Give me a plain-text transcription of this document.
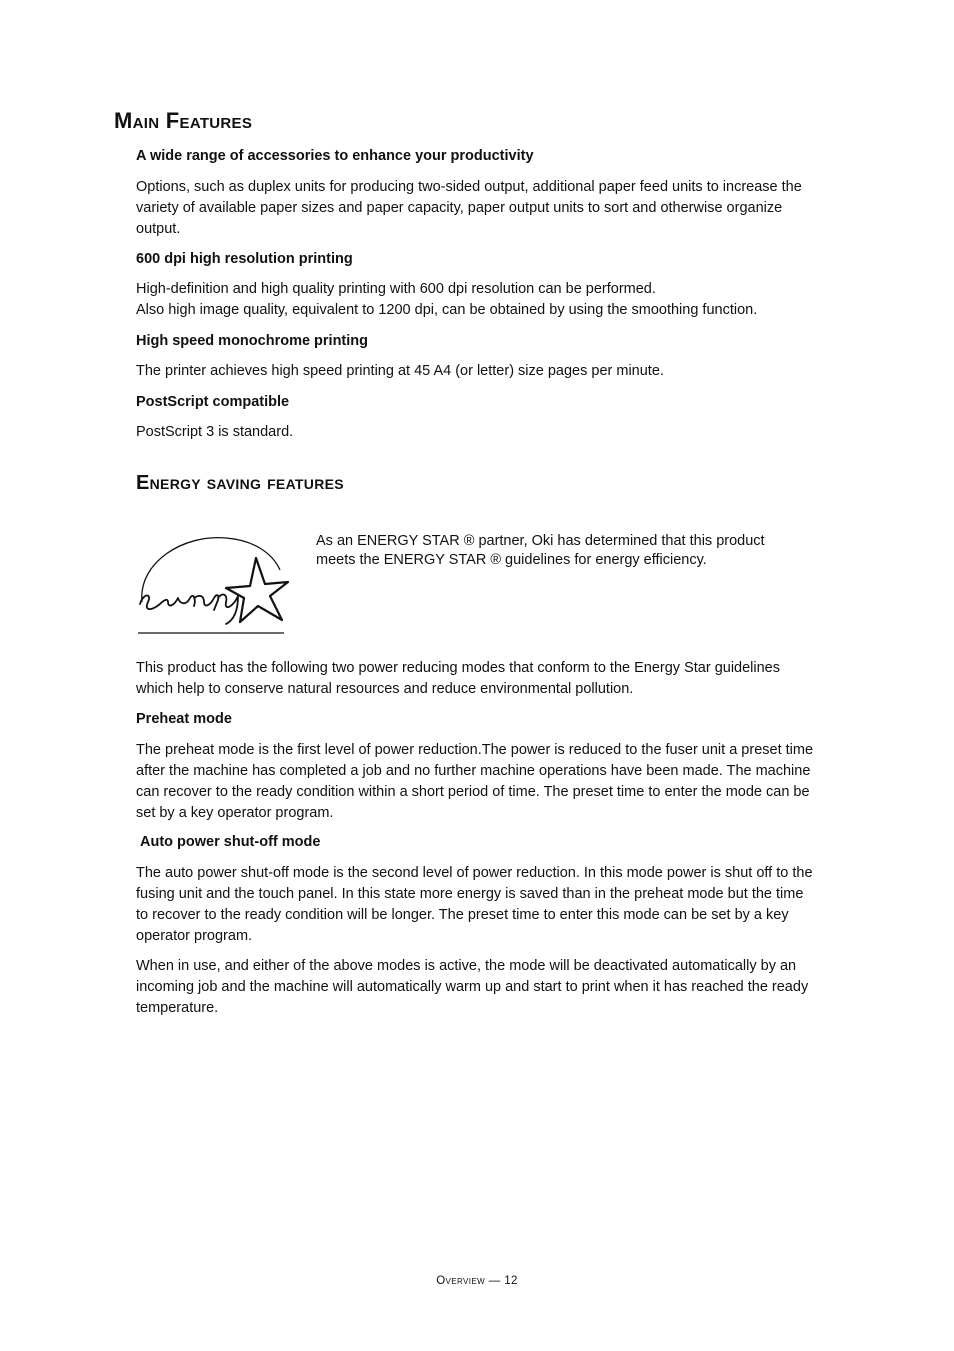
Main Features
A wide range of accessories to enhance your productivity
Options, such as duplex units for producing two-sided output, additional paper feed units to increase the
variety of available paper sizes and paper capacity, paper output units to sort and otherwise organize
output.
600 dpi high resolution printing
High-definition and high quality printing with 600 dpi resolution can be performed.
Also high image quality, equivalent to 1200 dpi, can be obtained by using the smoothing function.
High speed monochrome printing
The printer achieves high speed printing at 45 A4 (or letter) size pages per minute.
PostScript compatible
PostScript 3 is standard.
Energy saving features
As an ENERGY STAR ® partner, Oki has determined that this product
meets the ENERGY STAR ® guidelines for energy efficiency.
This product has the following two power reducing modes that conform to the Energy Star guidelines
which help to conserve natural resources and reduce environmental pollution.
Preheat mode
The preheat mode is the first level of power reduction.The power is reduced to the fuser unit a preset time
after the machine has completed a job and no further machine operations have been made. The machine
can recover to the ready condition within a short period of time. The preset time to enter the mode can be
set by a key operator program.
Auto power shut-off mode
The auto power shut-off mode is the second level of power reduction. In this mode power is shut off to the
fusing unit and the touch panel. In this state more energy is saved than in the preheat mode but the time
to recover to the ready condition will be longer. The preset time to enter this mode can be set by a key
operator program.
When in use, and either of the above modes is active, the mode will be deactivated automatically by an
incoming job and the machine will automatically warm up and start to print when it has reached the ready
temperature.
Overview — 12
